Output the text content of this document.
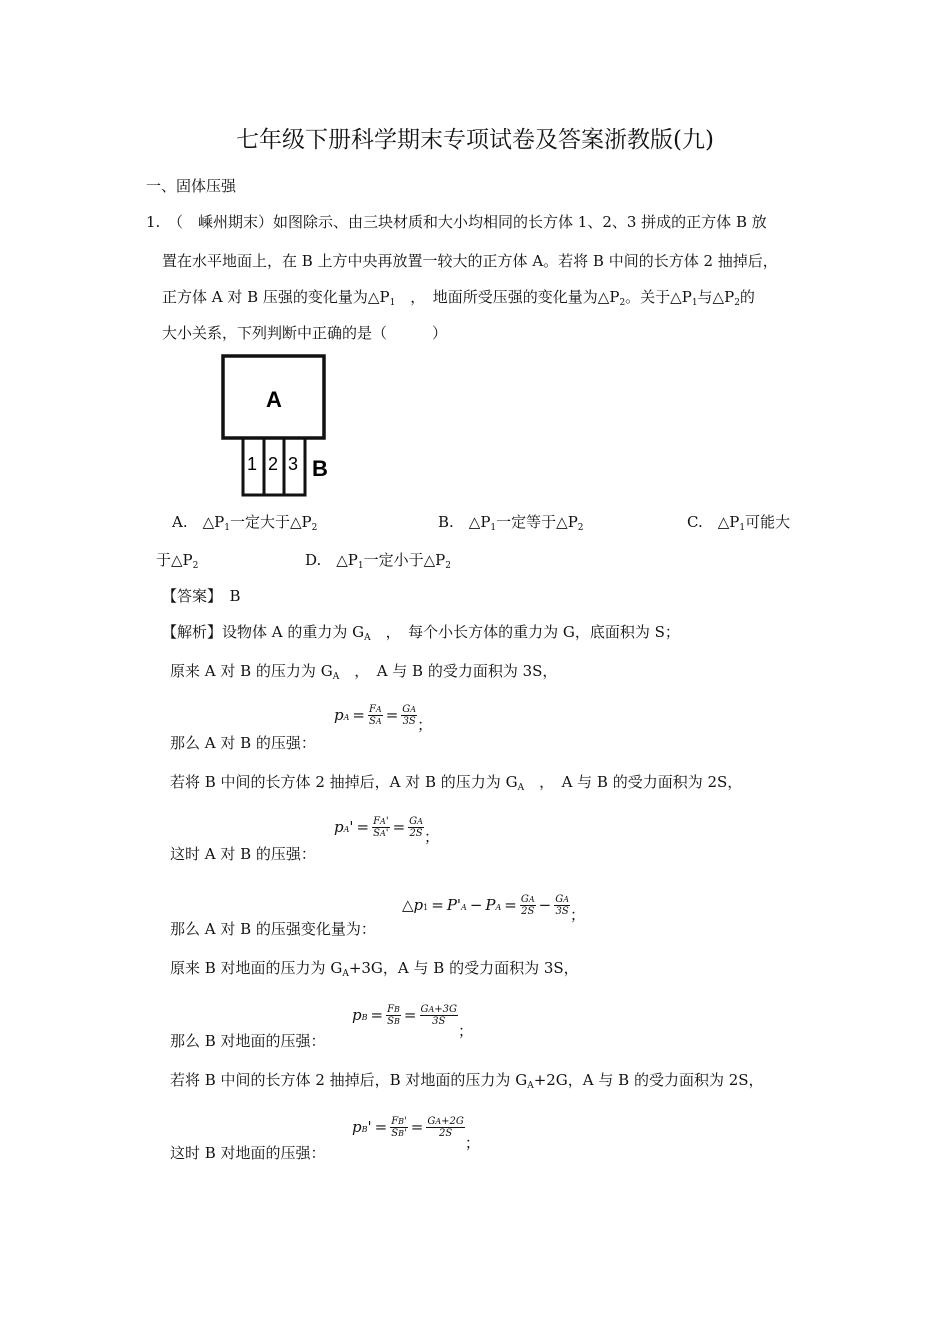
七年级下册科学期末专项试卷及答案浙教版(九)
一、固体压强
1. （　嵊州期末）如图除示、由三块材质和大小均相同的长方体 1、2、3 拼成的正方体 B 放
置在水平地面上，在 B 上方中央再放置一较大的正方体 A。若将 B 中间的长方体 2 抽掉后，
正方体 A 对 B 压强的变化量为$\triangle P_1$　，　地面所受压强的变化量为$\triangle P_2$。关于$\triangle P_1$与$\triangle P_2$的
大小关系，下列判断中正确的是（　　　）
A
1 2 3 B
A.　$\triangle P_1$一定大于$\triangle P_2$	B.　$\triangle P_1$一定等于$\triangle P_2$	C.　$\triangle P_1$可能大
于$\triangle P_2$	D.　$\triangle P_1$一定小于$\triangle P_2$
【答案】　 B
【解析】设物体 A 的重力为 $G_A$　，　每个小长方体的重力为 G，底面积为 S；
原来 A 对 B 的压力为 $G_A$　，　A 与 B 的受力面积为 3S，
那么 A 对 B 的压强：
pA = $\frac{FA}{SA} = \frac{GA}{3S}$ ；
若将 B 中间的长方体 2 抽掉后，A 对 B 的压力为 $G_A$　，　A 与 B 的受力面积为 2S，
这时 A 对 B 的压强：
$pA' = \frac{FA'}{SA'} = \frac{GA}{2S}$ ；
那么 A 对 B 的压强变化量为：
△p1 = P'A − PA = $\frac{GA}{2S} - \frac{GA}{3S}$ ；
原来 B 对地面的压力为 $G_A+3G$，A 与 B 的受力面积为 3S，
那么 B 对地面的压强：
pB = $\frac{FB}{SB} = \frac{GA+3G}{3S}$
；
若将 B 中间的长方体 2 抽掉后，B 对地面的压力为 $G_A+2G$，A 与 B 的受力面积为 2S，
这时 B 对地面的压强：
$pB' = \frac{FB'}{SB'} = \frac{GA+2G}{2S}$
；
